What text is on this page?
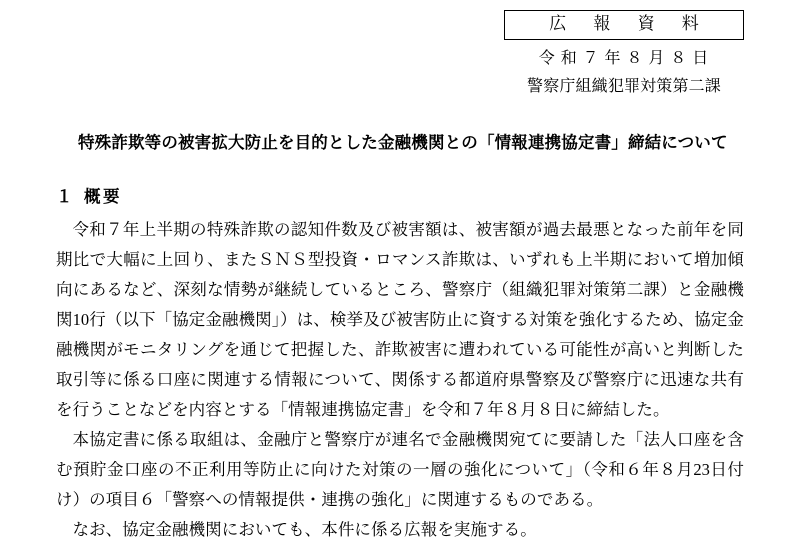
広　報　資　料
令 和 ７ 年 ８ 月 ８ 日
警察庁組織犯罪対策第二課
特殊詐欺等の被害拡大防止を目的とした金融機関との「情報連携協定書」締結について
１ 概要

令和７年上半期の特殊詐欺の認知件数及び被害額は、被害額が過去最悪となった前年を同期比で大幅に上回り、またＳＮＳ型投資・ロマンス詐欺は、いずれも上半期において増加傾向にあるなど、深刻な情勢が継続しているところ、警察庁（組織犯罪対策第二課）と金融機関10行（以下「協定金融機関」）は、検挙及び被害防止に資する対策を強化するため、協定金融機関がモニタリングを通じて把握した、詐欺被害に遭われている可能性が高いと判断した取引等に係る口座に関連する情報について、関係する都道府県警察及び警察庁に迅速な共有を行うことなどを内容とする「情報連携協定書」を令和７年８月８日に締結した。

本協定書に係る取組は、金融庁と警察庁が連名で金融機関宛てに要請した「法人口座を含む預貯金口座の不正利用等防止に向けた対策の一層の強化について」（令和６年８月23日付け）の項目６「警察への情報提供・連携の強化」に関連するものである。

なお、協定金融機関においても、本件に係る広報を実施する。
